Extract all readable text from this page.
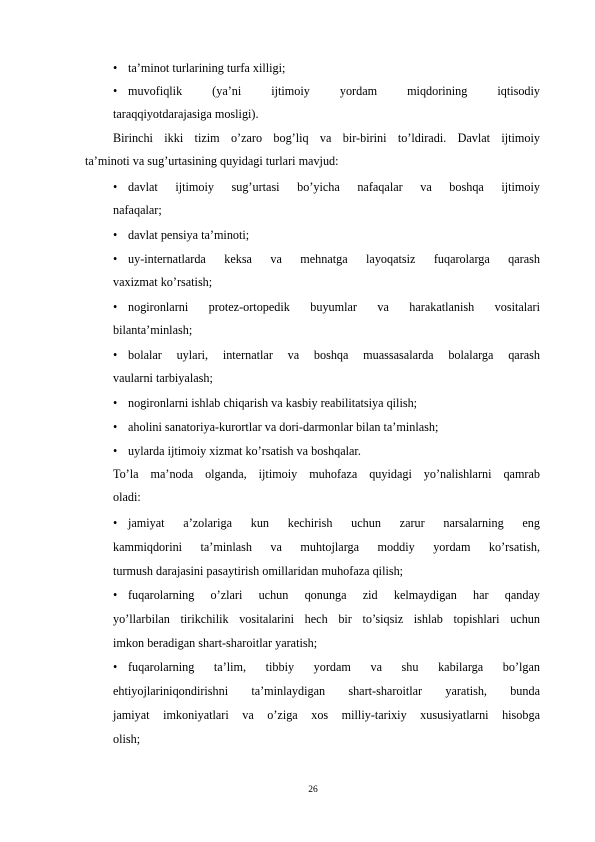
• ta’minot turlarining turfa xilligi;
• muvofiqlik (ya’ni ijtimoiy yordam miqdorining iqtisodiy
taraqqiyotdarajasiga mosligi).
Birinchi ikki tizim o’zaro bog’liq va bir-birini to’ldiradi. Davlat ijtimoiy
ta’minoti va sug’urtasining quyidagi turlari mavjud:
• davlat ijtimoiy sug’urtasi bo’yicha nafaqalar va boshqa ijtimoiy
nafaqalar;
• davlat pensiya ta’minoti;
• uy-internatlarda keksa va mehnatga layoqatsiz fuqarolarga qarash
vaxizmat ko’rsatish;
• nogironlarni protez-ortopedik buyumlar va harakatlanish vositalari
bilanta’minlash;
• bolalar uylari, internatlar va boshqa muassasalarda bolalarga qarash
vaularni tarbiyalash;
• nogironlarni ishlab chiqarish va kasbiy reabilitatsiya qilish;
• aholini sanatoriya-kurortlar va dori-darmonlar bilan ta’minlash;
• uylarda ijtimoiy xizmat ko’rsatish va boshqalar.
To’la ma’noda olganda, ijtimoiy muhofaza quyidagi yo’nalishlarni qamrab
oladi:
• jamiyat a’zolariga kun kechirish uchun zarur narsalarning eng
kammiqdorini ta’minlash va muhtojlarga moddiy yordam ko’rsatish,
turmush darajasini pasaytirish omillaridan muhofaza qilish;
• fuqarolarning o’zlari uchun qonunga zid kelmaydigan har qanday
yo’llarbilan tirikchilik vositalarini hech bir to’siqsiz ishlab topishlari uchun
imkon beradigan shart-sharoitlar yaratish;
• fuqarolarning ta’lim, tibbiy yordam va shu kabilarga bo’lgan
ehtiyojlariniqondirishni ta’minlaydigan shart-sharoitlar yaratish, bunda
jamiyat imkoniyatlari va o’ziga xos milliy-tarixiy xususiyatlarni hisobga
olish;
26
